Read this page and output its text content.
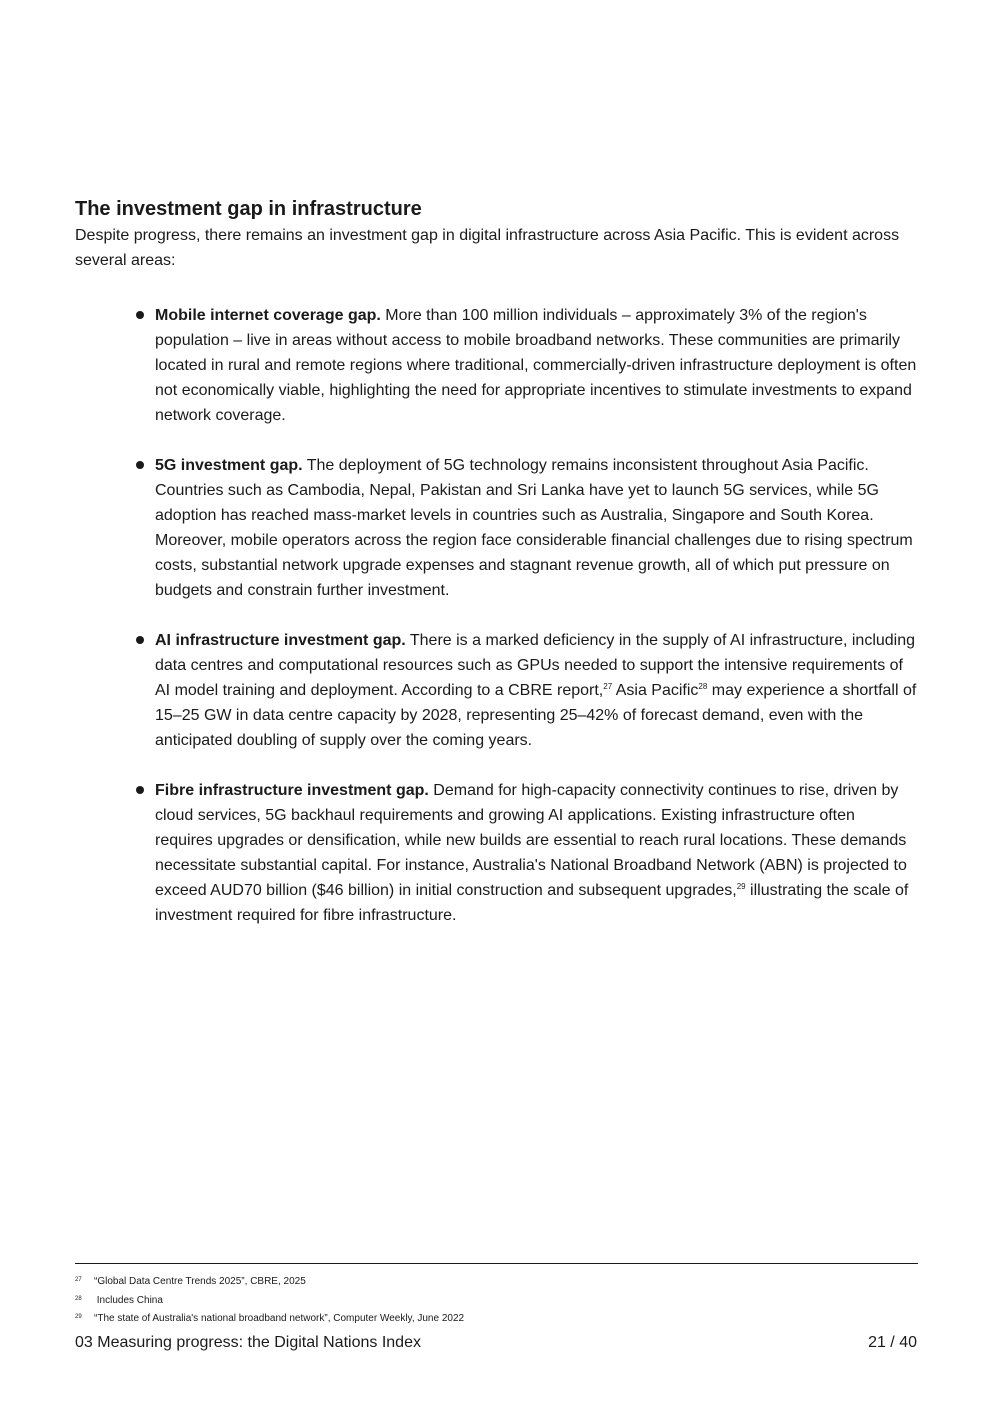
The investment gap in infrastructure

Despite progress, there remains an investment gap in digital infrastructure across Asia Pacific. This is evident across several areas:

Mobile internet coverage gap. More than 100 million individuals – approximately 3% of the region's population – live in areas without access to mobile broadband networks. These communities are primarily located in rural and remote regions where traditional, commercially-driven infrastructure deployment is often not economically viable, highlighting the need for appropriate incentives to stimulate investments to expand network coverage.
5G investment gap. The deployment of 5G technology remains inconsistent throughout Asia Pacific. Countries such as Cambodia, Nepal, Pakistan and Sri Lanka have yet to launch 5G services, while 5G adoption has reached mass-market levels in countries such as Australia, Singapore and South Korea. Moreover, mobile operators across the region face considerable financial challenges due to rising spectrum costs, substantial network upgrade expenses and stagnant revenue growth, all of which put pressure on budgets and constrain further investment.
AI infrastructure investment gap. There is a marked deficiency in the supply of AI infrastructure, including data centres and computational resources such as GPUs needed to support the intensive requirements of AI model training and deployment. According to a CBRE report,$^{27}$ Asia Pacific$^{28}$ may experience a shortfall of 15–25 GW in data centre capacity by 2028, representing 25–42% of forecast demand, even with the anticipated doubling of supply over the coming years.
Fibre infrastructure investment gap. Demand for high-capacity connectivity continues to rise, driven by cloud services, 5G backhaul requirements and growing AI applications. Existing infrastructure often requires upgrades or densification, while new builds are essential to reach rural locations. These demands necessitate substantial capital. For instance, Australia's National Broadband Network (ABN) is projected to exceed AUD70 billion ($46 billion) in initial construction and subsequent upgrades,$^{29}$ illustrating the scale of investment required for fibre infrastructure.
27 “Global Data Centre Trends 2025”, CBRE, 2025
28 Includes China
29 “The state of Australia's national broadband network”, Computer Weekly, June 2022
03 Measuring progress: the Digital Nations Index	21 / 40
